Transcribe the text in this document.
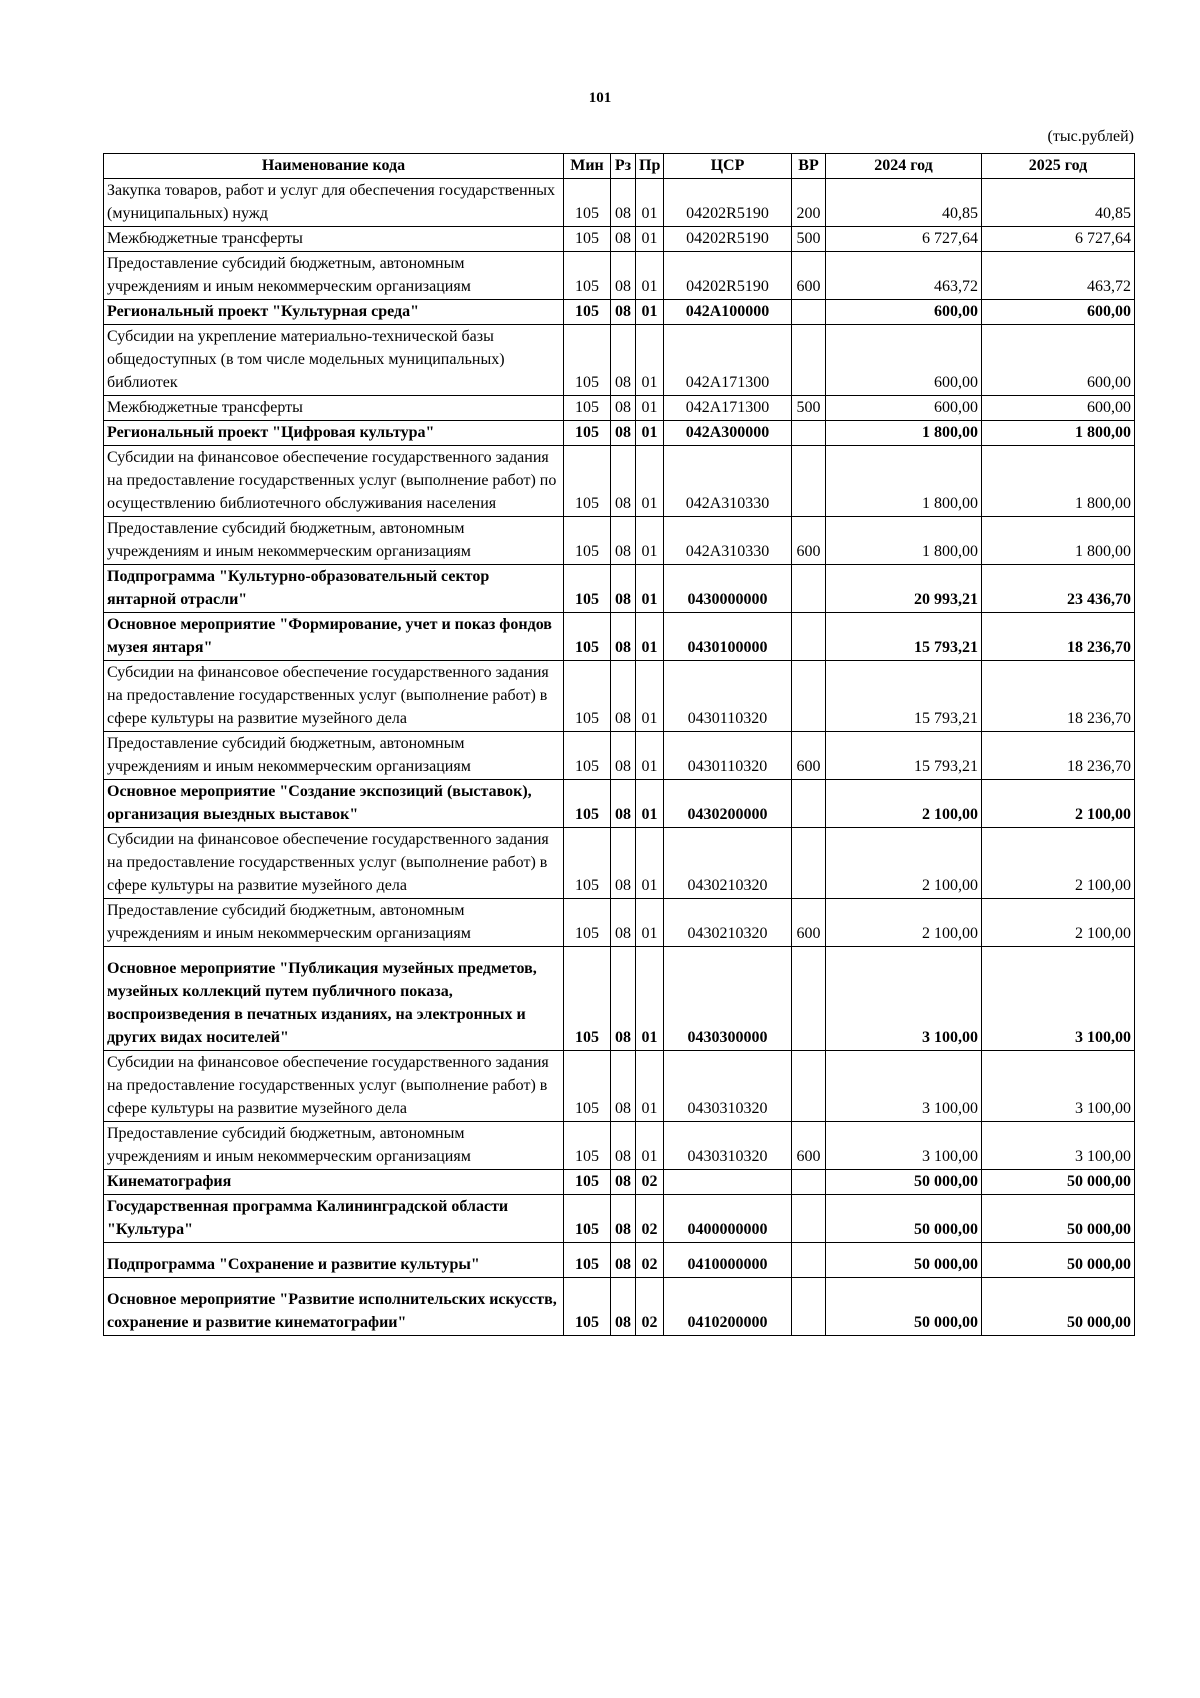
101
(тыс.рублей)
Наименование кода	Мин	Рз	Пр	ЦСР	ВР	2024 год	2025 год
Закупка товаров, работ и услуг для обеспечения государственных (муниципальных) нужд	105	08	01	04202R5190	200	40,85	40,85
Межбюджетные трансферты	105	08	01	04202R5190	500	6 727,64	6 727,64
Предоставление субсидий бюджетным, автономным учреждениям и иным некоммерческим организациям	105	08	01	04202R5190	600	463,72	463,72
Региональный проект "Культурная среда"	105	08	01	042A100000		600,00	600,00
Субсидии на укрепление материально-технической базы общедоступных (в том числе модельных муниципальных) библиотек	105	08	01	042A171300		600,00	600,00
Межбюджетные трансферты	105	08	01	042A171300	500	600,00	600,00
Региональный проект "Цифровая культура"	105	08	01	042A300000		1 800,00	1 800,00
Субсидии на финансовое обеспечение государственного задания на предоставление государственных услуг (выполнение работ) по осуществлению библиотечного обслуживания населения	105	08	01	042A310330		1 800,00	1 800,00
Предоставление субсидий бюджетным, автономным учреждениям и иным некоммерческим организациям	105	08	01	042A310330	600	1 800,00	1 800,00
Подпрограмма "Культурно-образовательный сектор янтарной отрасли"	105	08	01	0430000000		20 993,21	23 436,70
Основное мероприятие "Формирование, учет и показ фондов музея янтаря"	105	08	01	0430100000		15 793,21	18 236,70
Субсидии на финансовое обеспечение государственного задания на предоставление государственных услуг (выполнение работ) в сфере культуры на развитие музейного дела	105	08	01	0430110320		15 793,21	18 236,70
Предоставление субсидий бюджетным, автономным учреждениям и иным некоммерческим организациям	105	08	01	0430110320	600	15 793,21	18 236,70
Основное мероприятие "Создание экспозиций (выставок), организация выездных выставок"	105	08	01	0430200000		2 100,00	2 100,00
Субсидии на финансовое обеспечение государственного задания на предоставление государственных услуг (выполнение работ) в сфере культуры на развитие музейного дела	105	08	01	0430210320		2 100,00	2 100,00
Предоставление субсидий бюджетным, автономным учреждениям и иным некоммерческим организациям	105	08	01	0430210320	600	2 100,00	2 100,00
Основное мероприятие "Публикация музейных предметов, музейных коллекций путем публичного показа, воспроизведения в печатных изданиях, на электронных и других видах носителей"	105	08	01	0430300000		3 100,00	3 100,00
Субсидии на финансовое обеспечение государственного задания на предоставление государственных услуг (выполнение работ) в сфере культуры на развитие музейного дела	105	08	01	0430310320		3 100,00	3 100,00
Предоставление субсидий бюджетным, автономным учреждениям и иным некоммерческим организациям	105	08	01	0430310320	600	3 100,00	3 100,00
Кинематография	105	08	02			50 000,00	50 000,00
Государственная программа Калининградской области "Культура"	105	08	02	0400000000		50 000,00	50 000,00
Подпрограмма "Сохранение и развитие культуры"	105	08	02	0410000000		50 000,00	50 000,00
Основное мероприятие "Развитие исполнительских искусств, сохранение и развитие кинематографии"	105	08	02	0410200000		50 000,00	50 000,00
